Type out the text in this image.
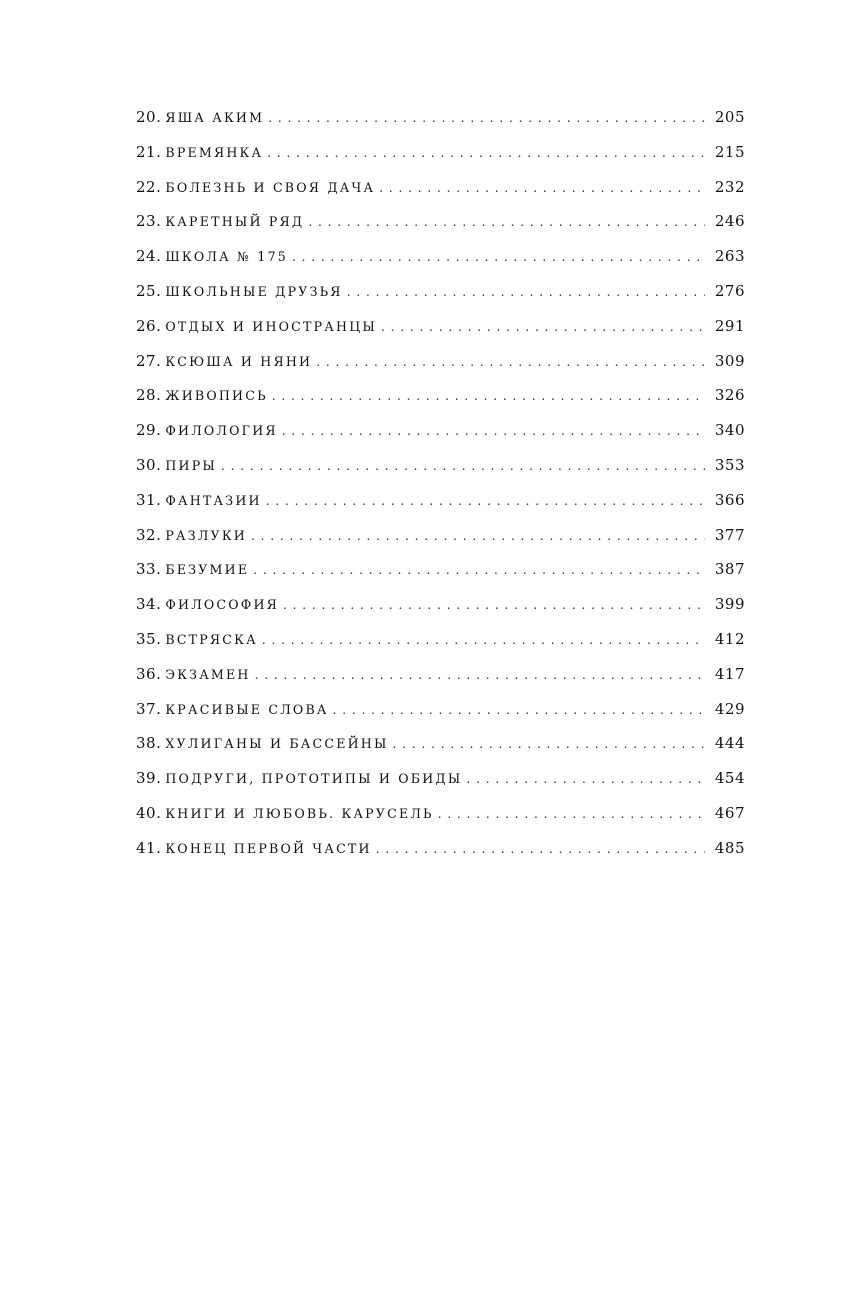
20. ЯША АКИМ . . .	205
21. ВРЕМЯНКА . . .	215
22. БОЛЕЗНЬ И СВОЯ ДАЧА . . .	232
23. КАРЕТНЫЙ РЯД . . .	246
24. ШКОЛА № 175 . . .	263
25. ШКОЛЬНЫЕ ДРУЗЬЯ . . .	276
26. ОТДЫХ И ИНОСТРАНЦЫ . . .	291
27. КСЮША И НЯНИ . . .	309
28. ЖИВОПИСЬ . . .	326
29. ФИЛОЛОГИЯ . . .	340
30. ПИРЫ . . .	353
31. ФАНТАЗИИ . . .	366
32. РАЗЛУКИ . . .	377
33. БЕЗУМИЕ . . .	387
34. ФИЛОСОФИЯ . . .	399
35. ВСТРЯСКА . . .	412
36. ЭКЗАМЕН . . .	417
37. КРАСИВЫЕ СЛОВА . . .	429
38. ХУЛИГАНЫ И БАССЕЙНЫ . . .	444
39. ПОДРУГИ, ПРОТОТИПЫ И ОБИДЫ . . .	454
40. КНИГИ И ЛЮБОВЬ. КАРУСЕЛЬ . . .	467
41. КОНЕЦ ПЕРВОЙ ЧАСТИ . . .	485
